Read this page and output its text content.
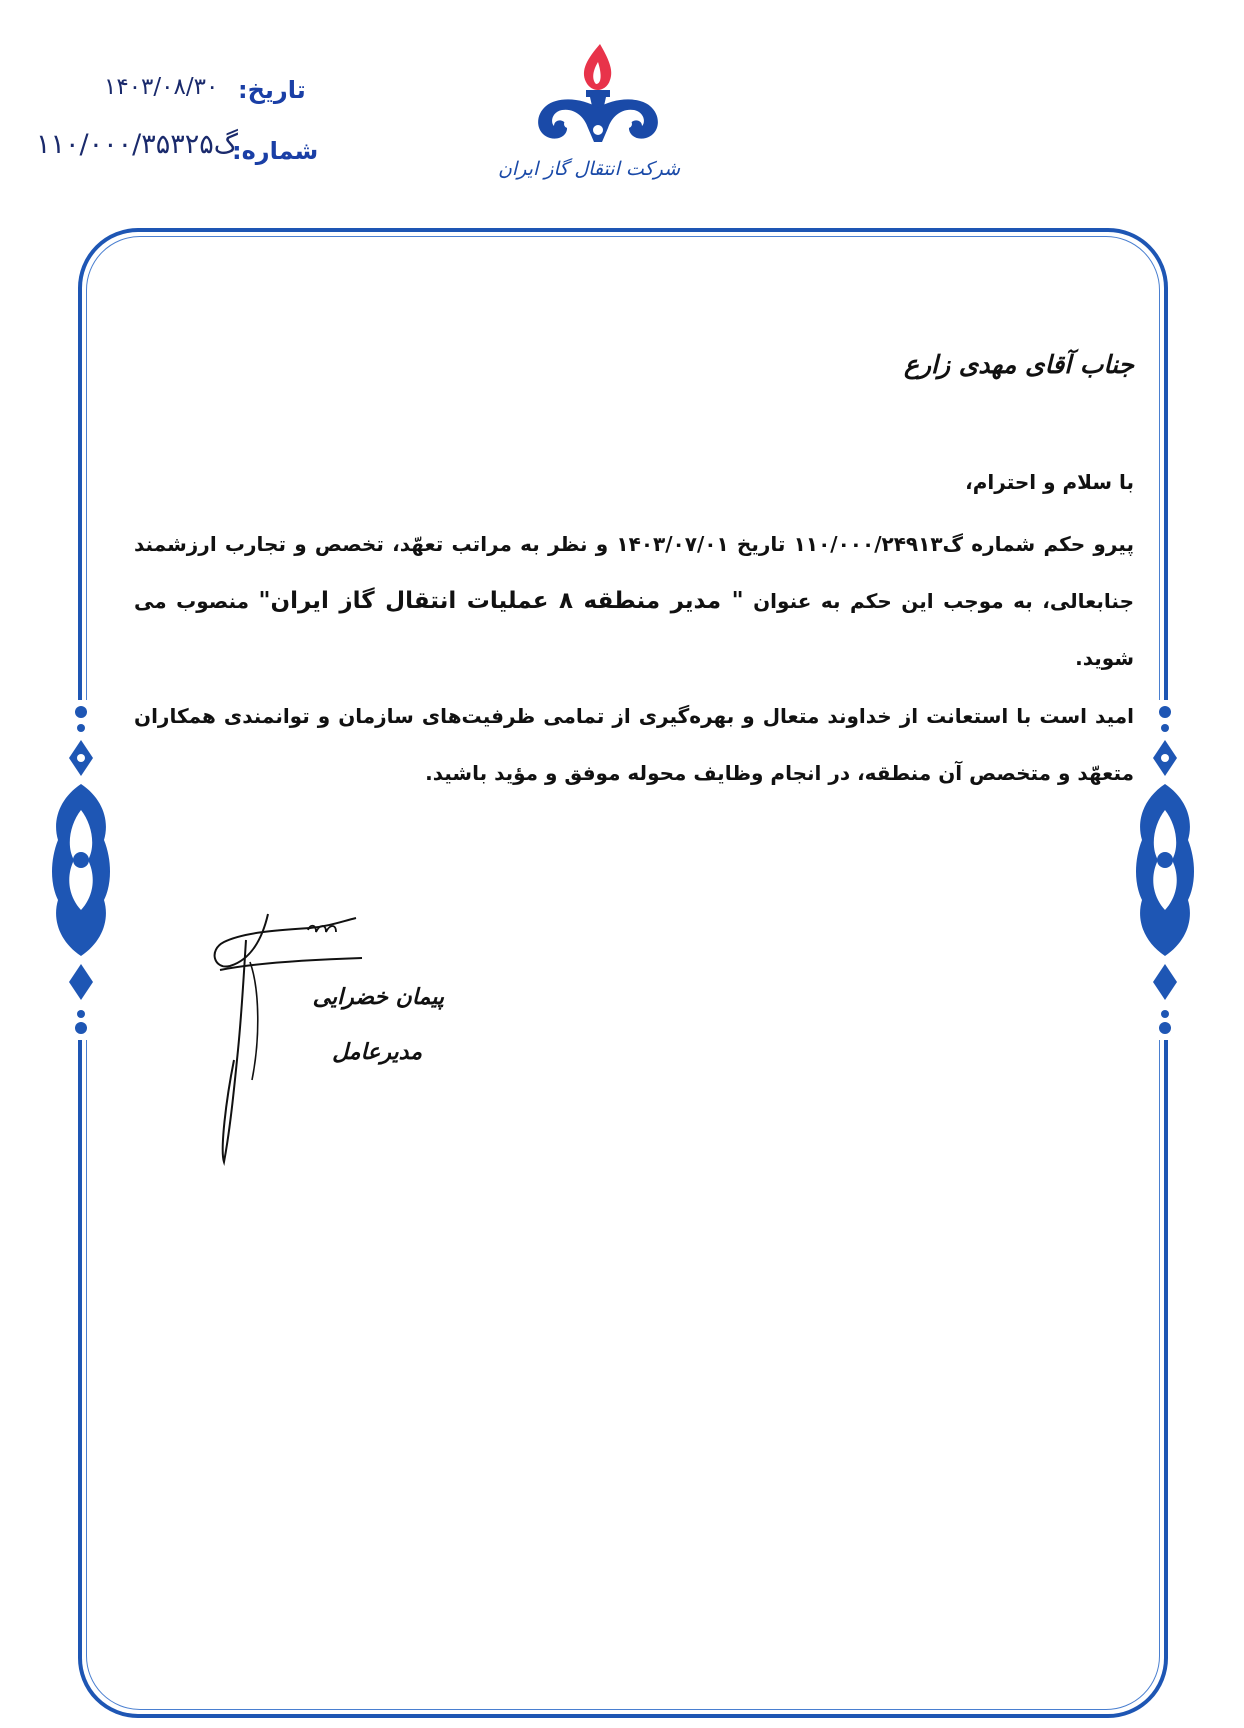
تاریخ:
۱۴۰۳/۰۸/۳۰
شماره:
گ۱۱۰/۰۰۰/۳۵۳۲۵
شرکت انتقال گاز ایران
جناب آقای مهدی زارع
با سلام و احترام،
پیرو حکم شماره گ۱۱۰/۰۰۰/۲۴۹۱۳ تاریخ ۱۴۰۳/۰۷/۰۱ و نظر به مراتب تعهّد، تخصص و تجارب ارزشمند جنابعالی، به موجب این حکم به عنوان " مدیر منطقه ۸ عملیات انتقال گاز ایران" منصوب می شوید.
امید است با استعانت از خداوند متعال و بهره‌گیری از تمامی ظرفیت‌های سازمان و توانمندی همکاران متعهّد و متخصص آن منطقه، در انجام وظایف محوله موفق و مؤید باشید.
پیمان خضرایی
مدیرعامل
